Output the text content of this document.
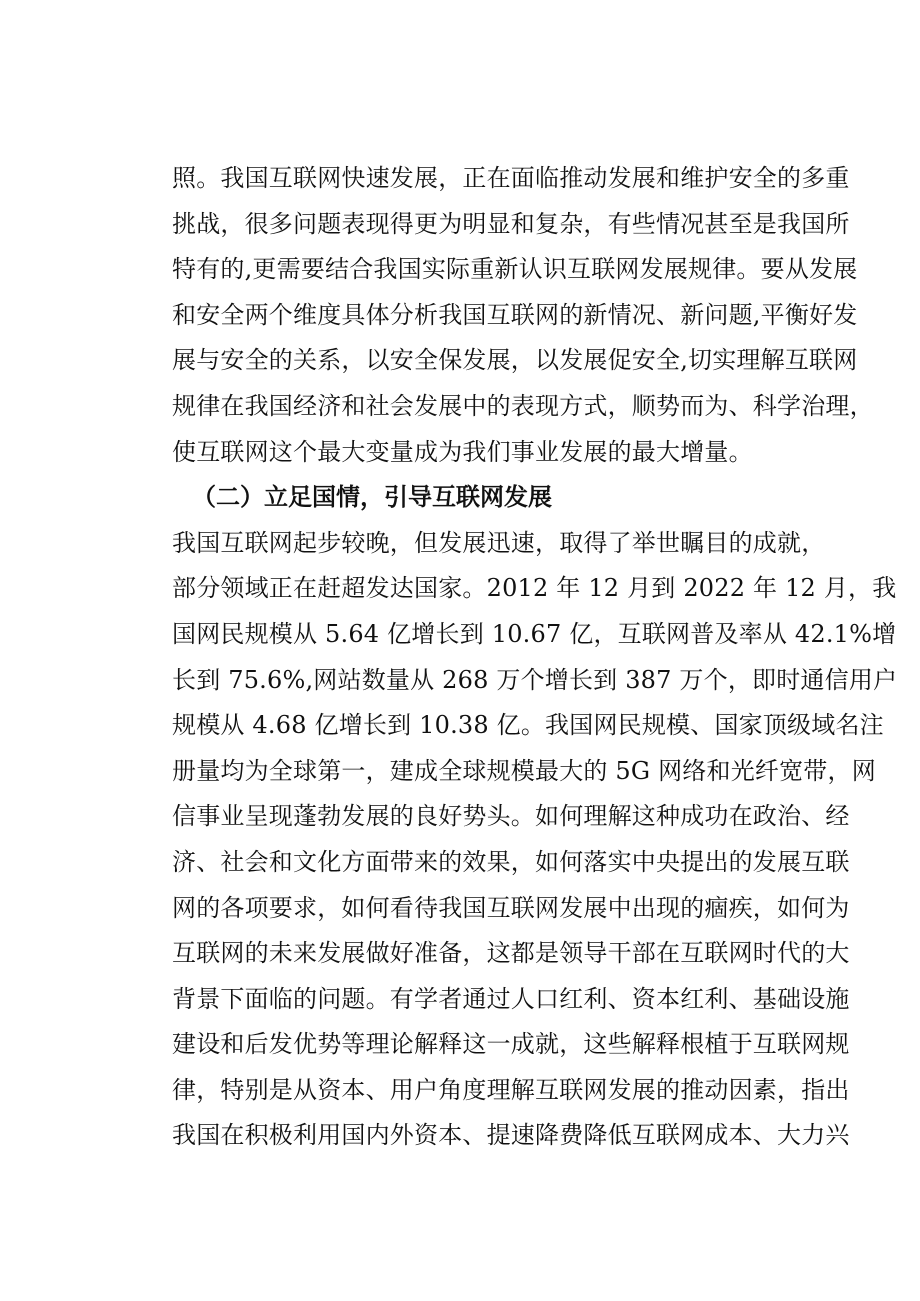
照。我国互联网快速发展，正在面临推动发展和维护安全的多重
挑战，很多问题表现得更为明显和复杂，有些情况甚至是我国所
特有的,更需要结合我国实际重新认识互联网发展规律。要从发展
和安全两个维度具体分析我国互联网的新情况、新问题,平衡好发
展与安全的关系，以安全保发展，以发展促安全,切实理解互联网
规律在我国经济和社会发展中的表现方式，顺势而为、科学治理，
使互联网这个最大变量成为我们事业发展的最大增量。
（二）立足国情，引导互联网发展
我国互联网起步较晚，但发展迅速，取得了举世瞩目的成就，
部分领域正在赶超发达国家。2012 年 12 月到 2022 年 12 月，我
国网民规模从 5.64 亿增长到 10.67 亿，互联网普及率从 42.1%增
长到 75.6%,网站数量从 268 万个增长到 387 万个，即时通信用户
规模从 4.68 亿增长到 10.38 亿。我国网民规模、国家顶级域名注
册量均为全球第一，建成全球规模最大的 5G 网络和光纤宽带，网
信事业呈现蓬勃发展的良好势头。如何理解这种成功在政治、经
济、社会和文化方面带来的效果，如何落实中央提出的发展互联
网的各项要求，如何看待我国互联网发展中出现的痼疾，如何为
互联网的未来发展做好准备，这都是领导干部在互联网时代的大
背景下面临的问题。有学者通过人口红利、资本红利、基础设施
建设和后发优势等理论解释这一成就，这些解释根植于互联网规
律，特别是从资本、用户角度理解互联网发展的推动因素，指出
我国在积极利用国内外资本、提速降费降低互联网成本、大力兴
